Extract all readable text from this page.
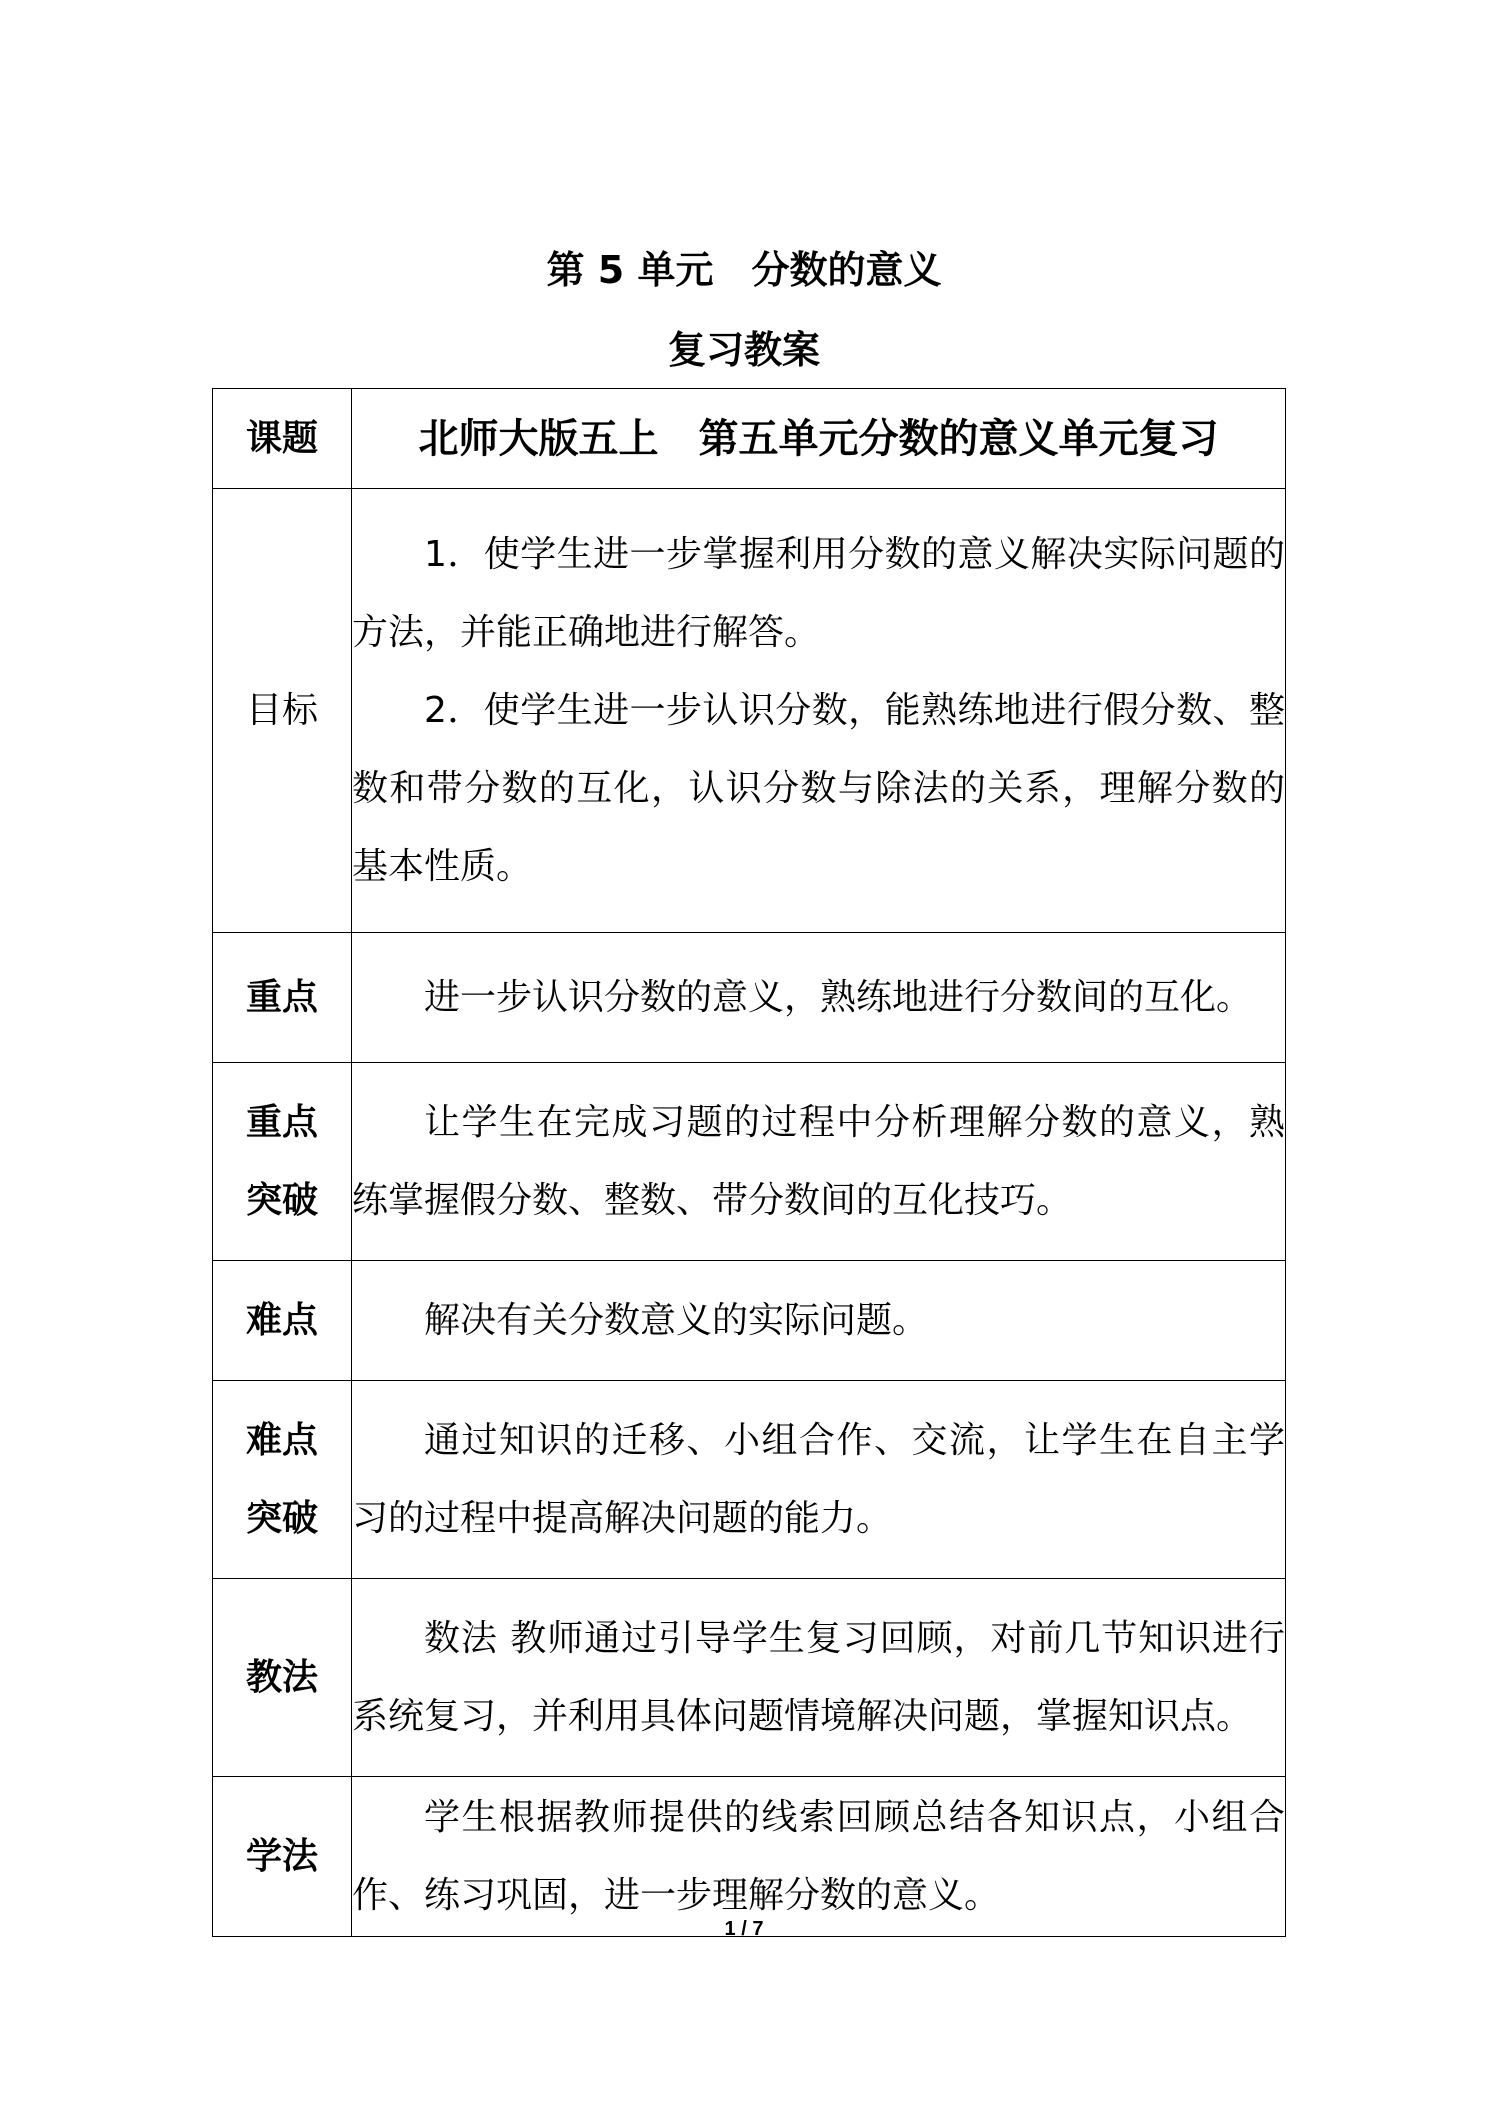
第 5 单元　分数的意义
复习教案
课题	北师大版五上　第五单元分数的意义单元复习
目标	1．使学生进一步掌握利用分数的意义解决实际问题的方法，并能正确地进行解答。

2．使学生进一步认识分数，能熟练地进行假分数、整数和带分数的互化，认识分数与除法的关系，理解分数的基本性质。

重点	进一步认识分数的意义，熟练地进行分数间的互化。

重点
突破	让学生在完成习题的过程中分析理解分数的意义，熟练掌握假分数、整数、带分数间的互化技巧。

难点	解决有关分数意义的实际问题。

难点
突破	通过知识的迁移、小组合作、交流，让学生在自主学习的过程中提高解决问题的能力。

教法	数法 教师通过引导学生复习回顾，对前几节知识进行系统复习，并利用具体问题情境解决问题，掌握知识点。

学法	学生根据教师提供的线索回顾总结各知识点，小组合作、练习巩固，进一步理解分数的意义。

1 / 7
